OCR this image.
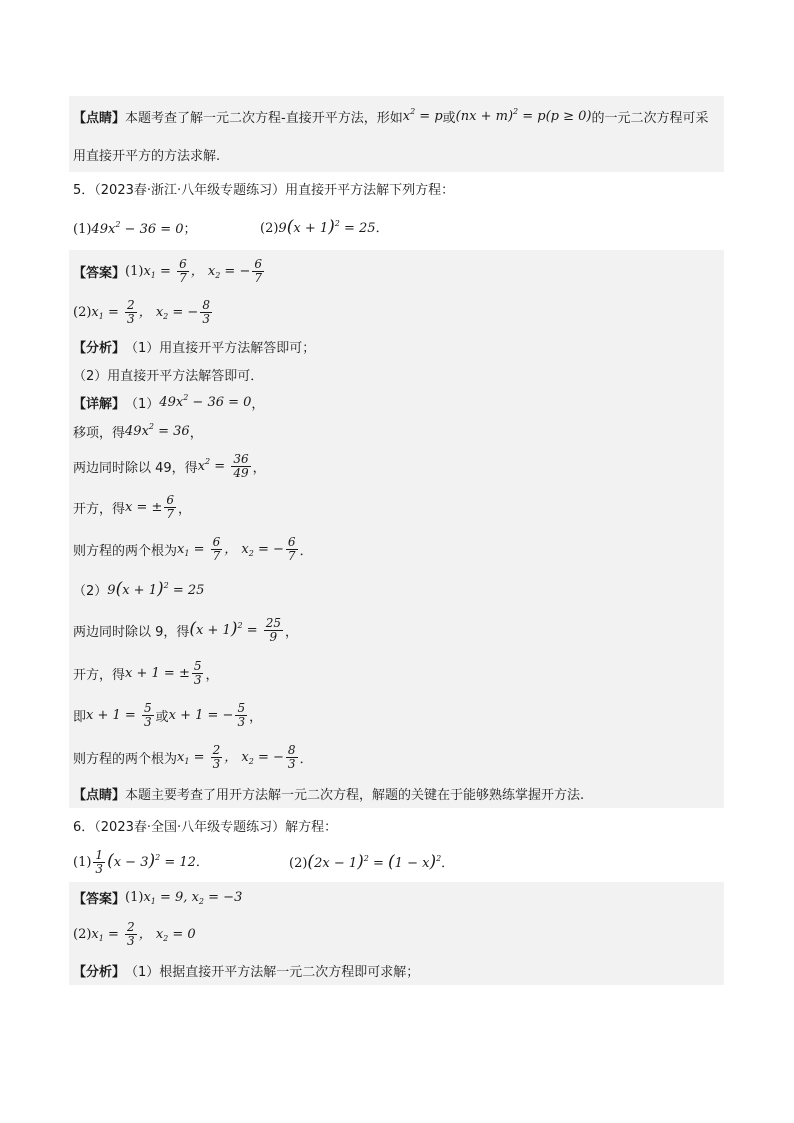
【点睛】 本题考查了解一元二次方程-直接开平方法，形如 $x^2 = p$ 或 (nx + m)$^2$ = p(p ≥ 0) 的一元二次方程可采
用直接开平方的方法求解.
5．（2023春·浙江·八年级专题练习）用直接开平方法解下列方程：
$(1)49x^2 - 36 = 0$；	$(2)9(x + 1)^2 = 25$．
【答案】 (1) $x_1 = \frac{6}{7}$ ， $x_2$ = − $\frac{6}{7}$
(2) $x_1 = \frac{2}{3}$ ， $x_2$ = − $\frac{8}{3}$
【分析】 （1）用直接开平方法解答即可；
（2）用直接开平方法解答即可．
【详解】 （1） $49x^2 - 36 = 0$ ，
移项，得 $49x^2 = 36$ ，
两边同时除以 49，得 $x^2 = \frac{36}{49}$ ，
开方，得 x = ± $\frac{6}{7}$ ，
则方程的两个根为 $x_1 = \frac{6}{7}$ ， $x_2$ = − $\frac{6}{7}$ ．
（2） $9(x + 1)^2 = 25$
两边同时除以 9，得 $(x + 1)^2 = \frac{25}{9}$ ，
开方，得 x + 1 = ± $\frac{5}{3}$ ，
即 $x + 1 = \frac{5}{3}$ 或 x + 1 = − $\frac{5}{3}$ ，
则方程的两个根为 $x_1 = \frac{2}{3}$ ， $x_2$ = − $\frac{8}{3}$ ．
【点睛】 本题主要考查了用开方法解一元二次方程，解题的关键在于能够熟练掌握开方法.
6．（2023春·全国·八年级专题练习）解方程：
$(1) \frac{1}{3} (x - 3)^2 = 12$．	$(2)(2x - 1)^2 = (1 - x)^2$．
【答案】 (1) $x_1 = 9$, $x_2 = -3$
(2) $x_1 = \frac{2}{3}$ ， $x_2 = 0$
【分析】 （1）根据直接开平方法解一元二次方程即可求解；
